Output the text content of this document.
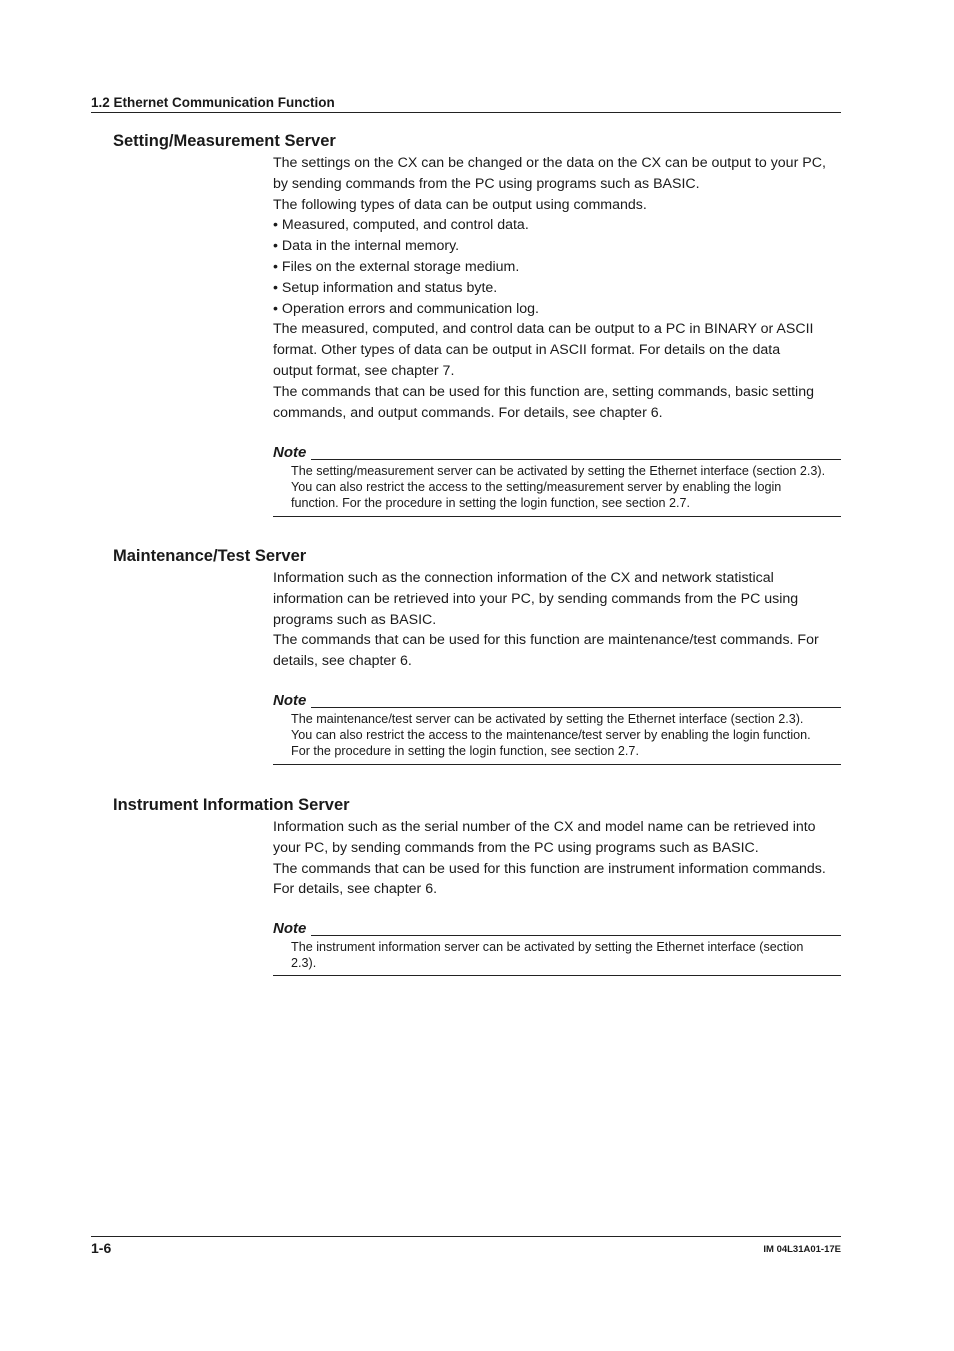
1.2 Ethernet Communication Function
Setting/Measurement Server

The settings on the CX can be changed or the data on the CX can be output to your PC,

by sending commands from the PC using programs such as BASIC.

The following types of data can be output using commands.

• Measured, computed, and control data.

• Data in the internal memory.

• Files on the external storage medium.

• Setup information and status byte.

• Operation errors and communication log.

The measured, computed, and control data can be output to a PC in BINARY or ASCII

format. Other types of data can be output in ASCII format. For details on the data

output format, see chapter 7.

The commands that can be used for this function are, setting commands, basic setting

commands, and output commands. For details, see chapter 6.

Note

The setting/measurement server can be activated by setting the Ethernet interface (section 2.3).

You can also restrict the access to the setting/measurement server by enabling the login

function. For the procedure in setting the login function, see section 2.7.

Maintenance/Test Server

Information such as the connection information of the CX and network statistical

information can be retrieved into your PC, by sending commands from the PC using

programs such as BASIC.

The commands that can be used for this function are maintenance/test commands. For

details, see chapter 6.

Note

The maintenance/test server can be activated by setting the Ethernet interface (section 2.3).

You can also restrict the access to the maintenance/test server by enabling the login function.

For the procedure in setting the login function, see section 2.7.

Instrument Information Server

Information such as the serial number of the CX and model name can be retrieved into

your PC, by sending commands from the PC using programs such as BASIC.

The commands that can be used for this function are instrument information commands.

For details, see chapter 6.

Note

The instrument information server can be activated by setting the Ethernet interface (section

2.3).

1-6	IM 04L31A01-17E
